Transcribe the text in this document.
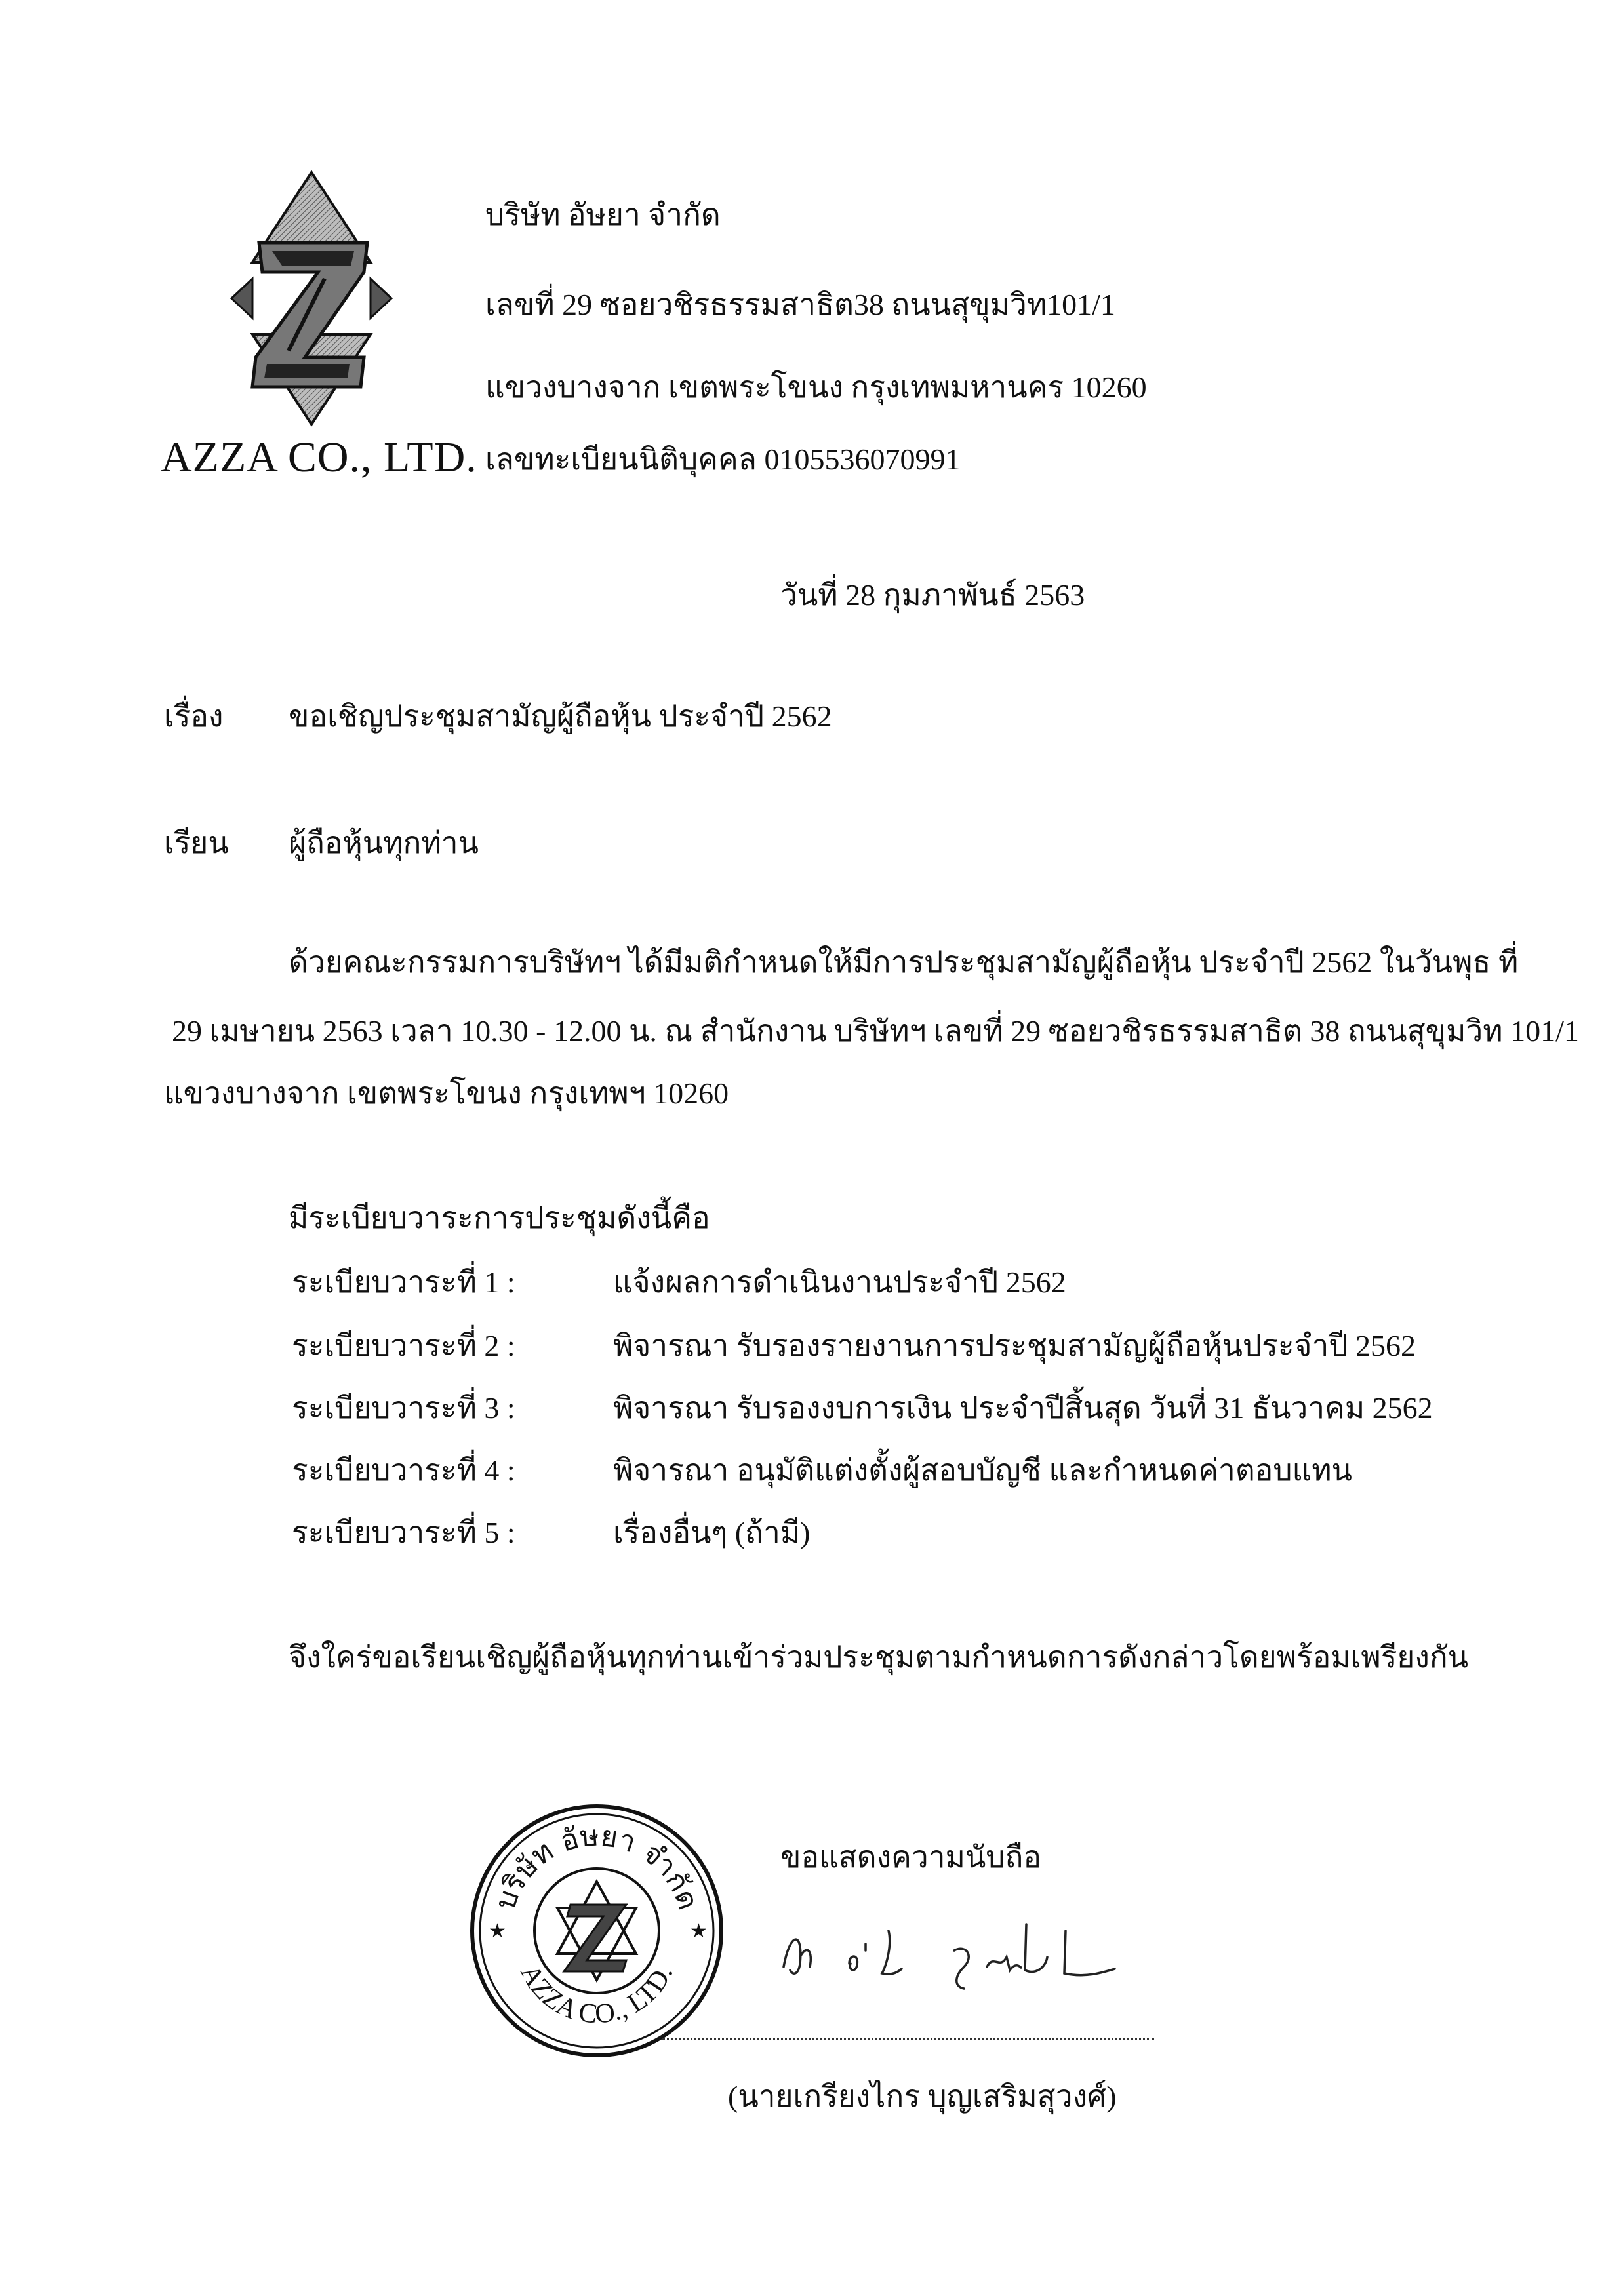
AZZA CO., LTD.
บริษัท อัษยา จำกัด
เลขที่ 29 ซอยวชิรธรรมสาธิต38 ถนนสุขุมวิท101/1
แขวงบางจาก เขตพระโขนง กรุงเทพมหานคร 10260
เลขทะเบียนนิติบุคคล 0105536070991
วันที่ 28 กุมภาพันธ์ 2563
เรื่อง ขอเชิญประชุมสามัญผู้ถือหุ้น ประจำปี 2562
เรียน ผู้ถือหุ้นทุกท่าน
ด้วยคณะกรรมการบริษัทฯ ได้มีมติกำหนดให้มีการประชุมสามัญผู้ถือหุ้น ประจำปี 2562 ในวันพุธ ที่
29 เมษายน 2563 เวลา 10.30 - 12.00 น. ณ สำนักงาน บริษัทฯ เลขที่ 29 ซอยวชิรธรรมสาธิต 38 ถนนสุขุมวิท 101/1
แขวงบางจาก เขตพระโขนง กรุงเทพฯ 10260
มีระเบียบวาระการประชุมดังนี้คือ
ระเบียบวาระที่ 1 :	แจ้งผลการดำเนินงานประจำปี 2562
ระเบียบวาระที่ 2 :	พิจารณา รับรองรายงานการประชุมสามัญผู้ถือหุ้นประจำปี 2562
ระเบียบวาระที่ 3 :	พิจารณา รับรองงบการเงิน ประจำปีสิ้นสุด วันที่ 31 ธันวาคม 2562
ระเบียบวาระที่ 4 :	พิจารณา อนุมัติแต่งตั้งผู้สอบบัญชี และกำหนดค่าตอบแทน
ระเบียบวาระที่ 5 :	เรื่องอื่นๆ (ถ้ามี)
จึงใคร่ขอเรียนเชิญผู้ถือหุ้นทุกท่านเข้าร่วมประชุมตามกำหนดการดังกล่าวโดยพร้อมเพรียงกัน
บริษัท อัษยา จำกัด
AZZA CO., LTD.
★	★
ขอแสดงความนับถือ
(นายเกรียงไกร บุญเสริมสุวงศ์)
